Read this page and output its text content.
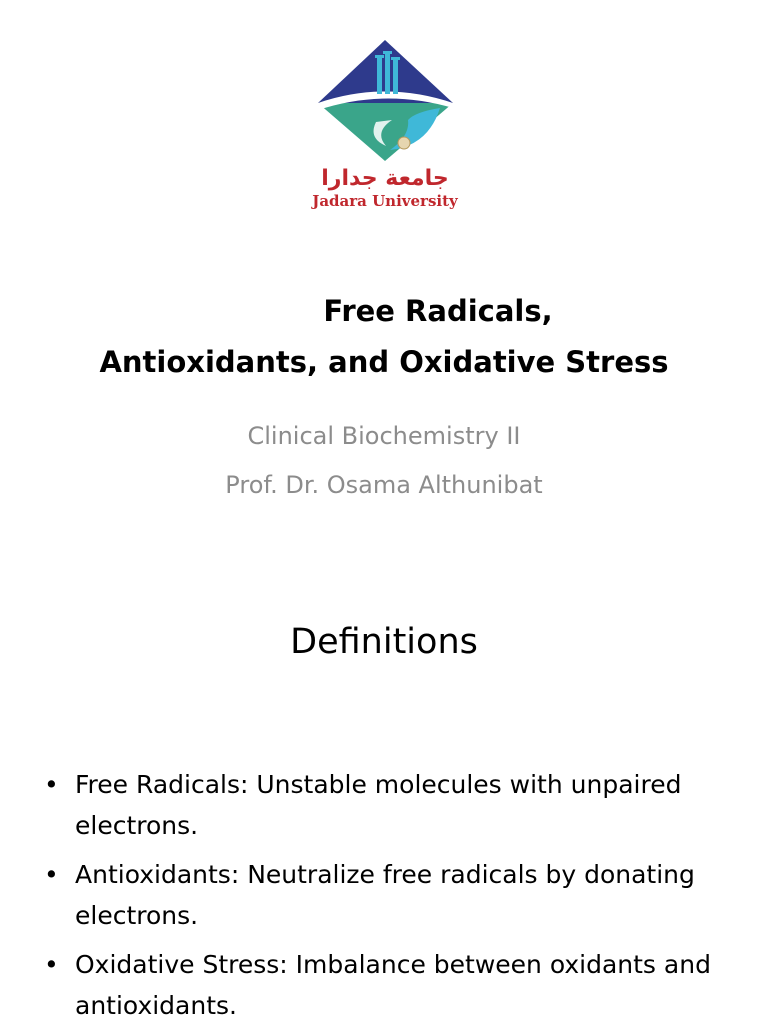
جامعة جدارا
Jadara University
Free Radicals,
Antioxidants, and Oxidative Stress
Clinical Biochemistry II
Prof. Dr. Osama Althunibat
Definitions
• Free Radicals: Unstable molecules with unpaired electrons.
• Antioxidants: Neutralize free radicals by donating electrons.
• Oxidative Stress: Imbalance between oxidants and antioxidants.
